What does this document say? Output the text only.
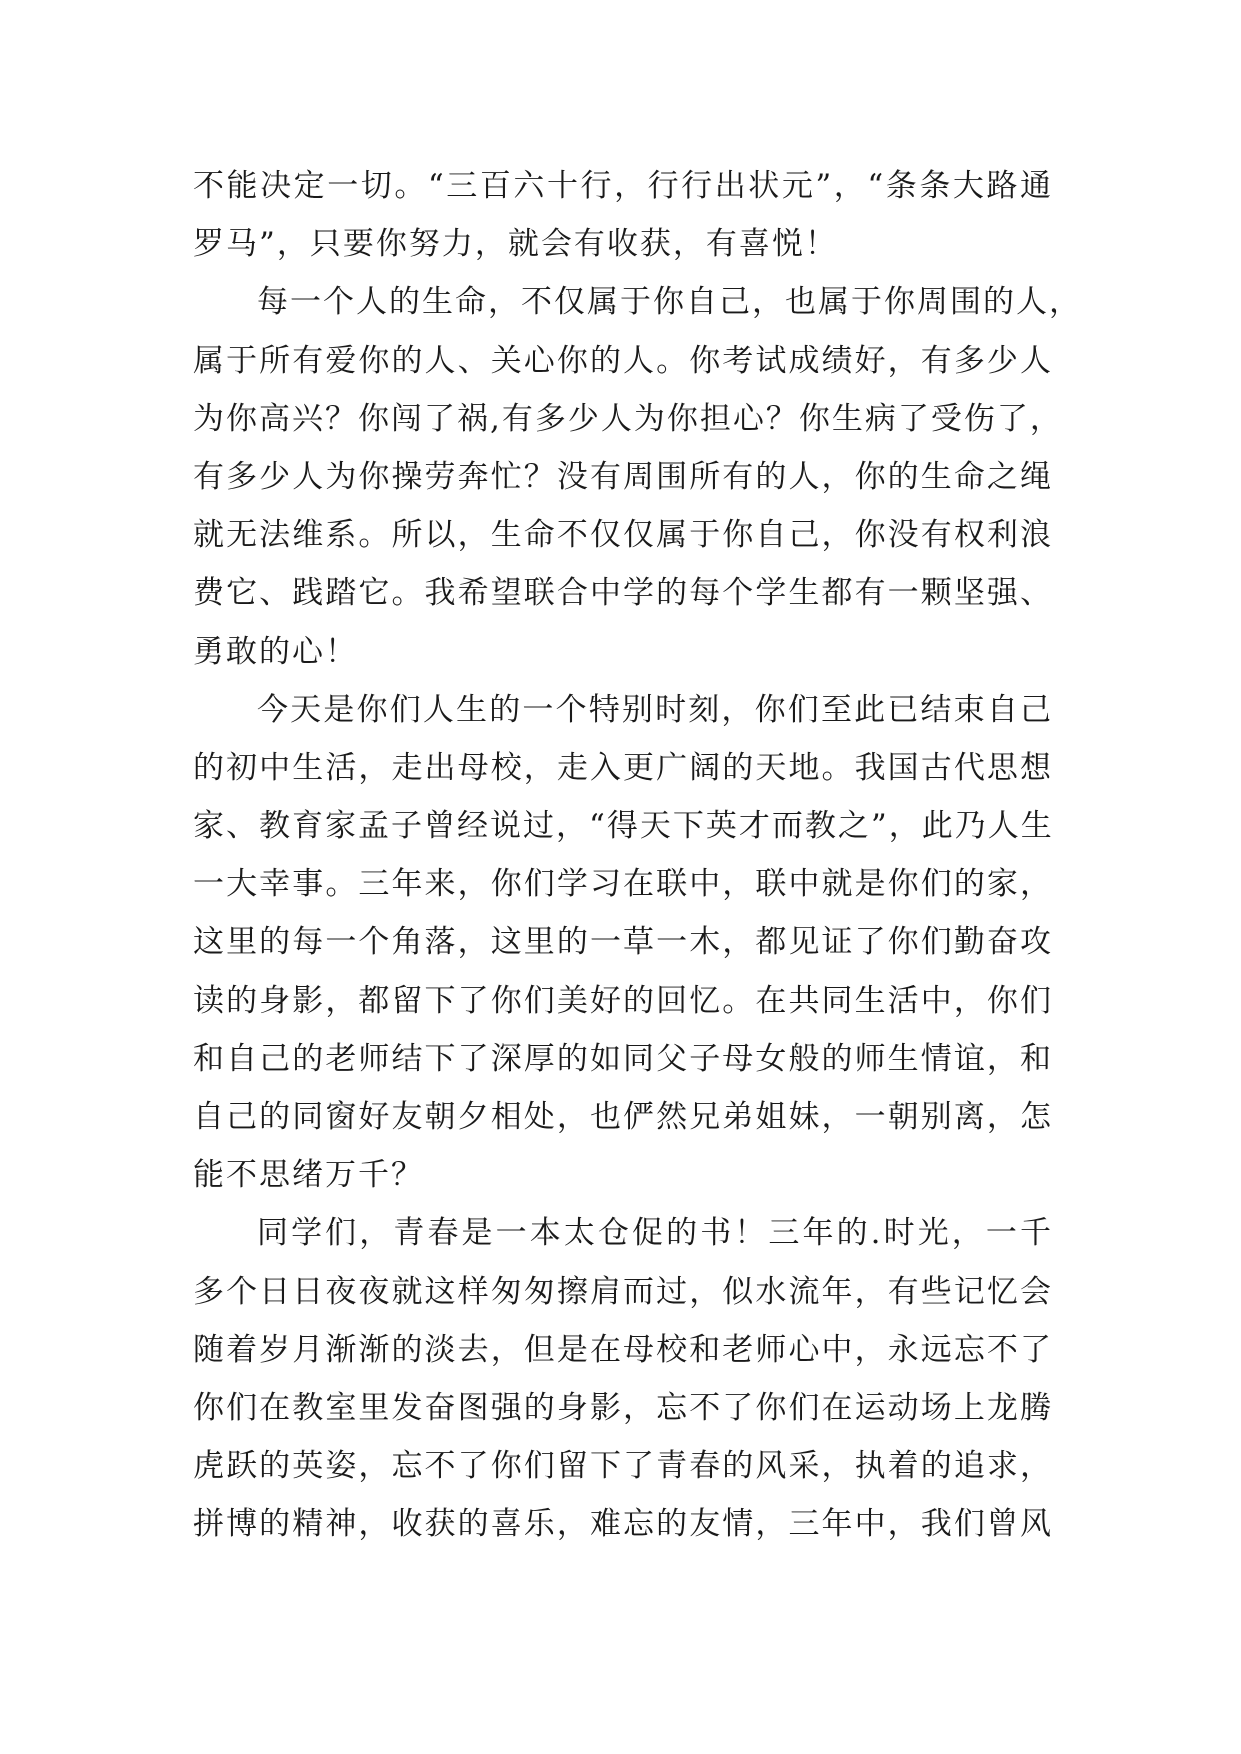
不能决定一切。“三百六十行，行行出状元”，“条条大路通
罗马”，只要你努力，就会有收获，有喜悦！
每一个人的生命，不仅属于你自己，也属于你周围的人，
属于所有爱你的人、关心你的人。你考试成绩好，有多少人
为你高兴？你闯了祸,有多少人为你担心？你生病了受伤了，
有多少人为你操劳奔忙？没有周围所有的人，你的生命之绳
就无法维系。所以，生命不仅仅属于你自己，你没有权利浪
费它、践踏它。我希望联合中学的每个学生都有一颗坚强、
勇敢的心！
今天是你们人生的一个特别时刻，你们至此已结束自己
的初中生活，走出母校，走入更广阔的天地。我国古代思想
家、教育家孟子曾经说过，“得天下英才而教之”，此乃人生
一大幸事。三年来，你们学习在联中，联中就是你们的家，
这里的每一个角落，这里的一草一木，都见证了你们勤奋攻
读的身影，都留下了你们美好的回忆。在共同生活中，你们
和自己的老师结下了深厚的如同父子母女般的师生情谊，和
自己的同窗好友朝夕相处，也俨然兄弟姐妹，一朝别离，怎
能不思绪万千？
同学们，青春是一本太仓促的书！三年的.时光，一千
多个日日夜夜就这样匆匆擦肩而过，似水流年，有些记忆会
随着岁月渐渐的淡去，但是在母校和老师心中，永远忘不了
你们在教室里发奋图强的身影，忘不了你们在运动场上龙腾
虎跃的英姿，忘不了你们留下了青春的风采，执着的追求，
拼博的精神，收获的喜乐，难忘的友情，三年中，我们曾风
